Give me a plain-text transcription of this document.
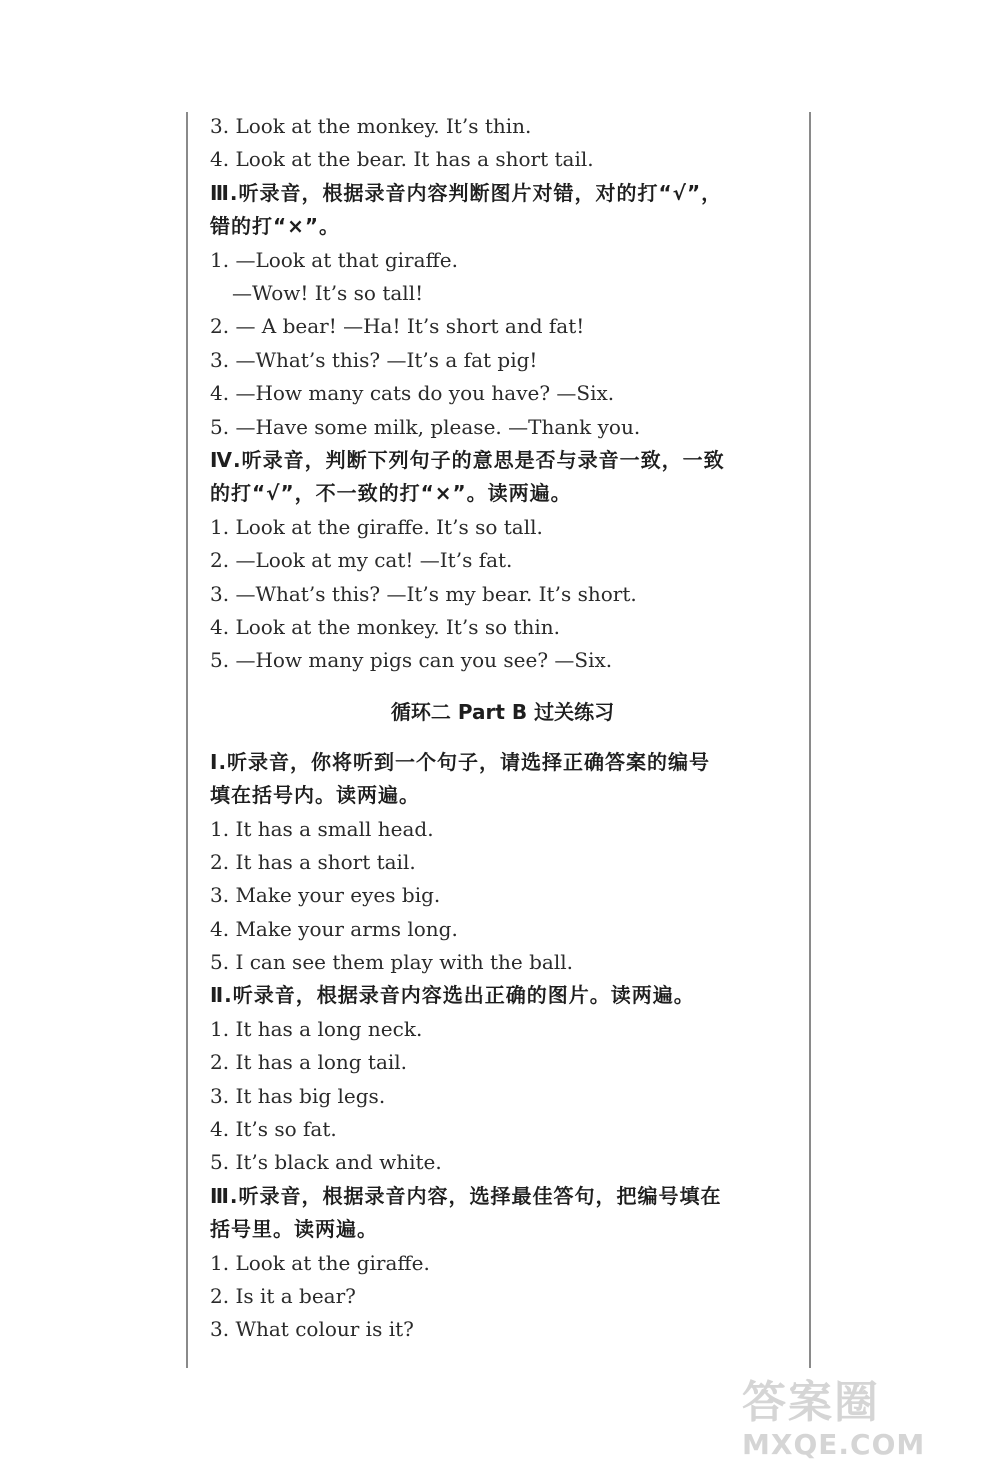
3. Look at the monkey. It’s thin.
4. Look at the bear. It has a short tail.
Ⅲ.听录音，根据录音内容判断图片对错，对的打“√”，
错的打“×”。
1. —Look at that giraffe.
—Wow! It’s so tall!
2. — A bear! —Ha! It’s short and fat!
3. —What’s this? —It’s a fat pig!
4. —How many cats do you have? —Six.
5. —Have some milk, please. —Thank you.
Ⅳ.听录音，判断下列句子的意思是否与录音一致，一致
的打“√”，不一致的打“×”。读两遍。
1. Look at the giraffe. It’s so tall.
2. —Look at my cat! —It’s fat.
3. —What’s this? —It’s my bear. It’s short.
4. Look at the monkey. It’s so thin.
5. —How many pigs can you see? —Six.
循环二 Part B 过关练习
Ⅰ.听录音，你将听到一个句子，请选择正确答案的编号
填在括号内。读两遍。
1. It has a small head.
2. It has a short tail.
3. Make your eyes big.
4. Make your arms long.
5. I can see them play with the ball.
Ⅱ.听录音，根据录音内容选出正确的图片。读两遍。
1. It has a long neck.
2. It has a long tail.
3. It has big legs.
4. It’s so fat.
5. It’s black and white.
Ⅲ.听录音，根据录音内容，选择最佳答句，把编号填在
括号里。读两遍。
1. Look at the giraffe.
2. Is it a bear?
3. What colour is it?
答案圈
MXQE.COM
